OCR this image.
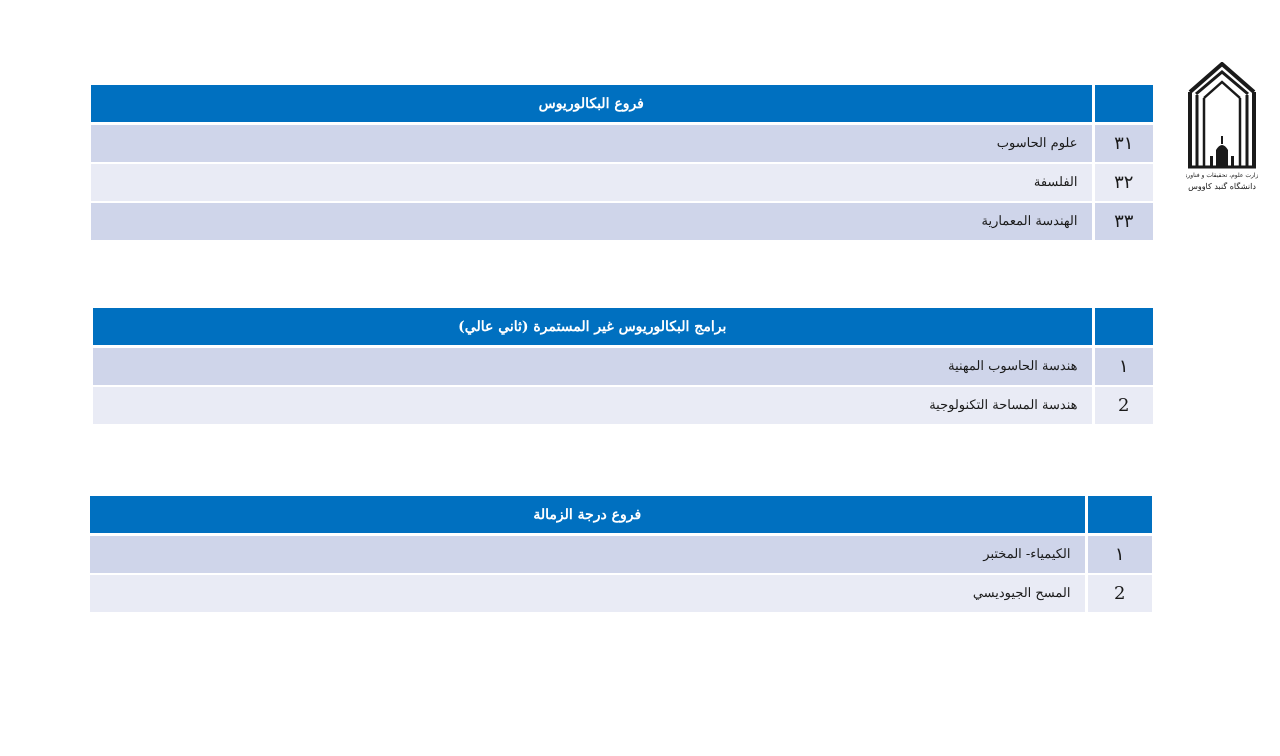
	فروع البكالوريوس
٣١	علوم الحاسوب
٣٢	الفلسفة
٣٣	الهندسة المعمارية
	برامج البكالوريوس غير المستمرة (ثاني عالي)
١	هندسة الحاسوب المهنية
2	هندسة المساحة التكنولوجية
	فروع درجة الزمالة
١	الكيمياء- المختبر
2	المسح الجيوديسي
وزارت علوم، تحقیقات و فناوری
دانشگاه گنبد کاووس
